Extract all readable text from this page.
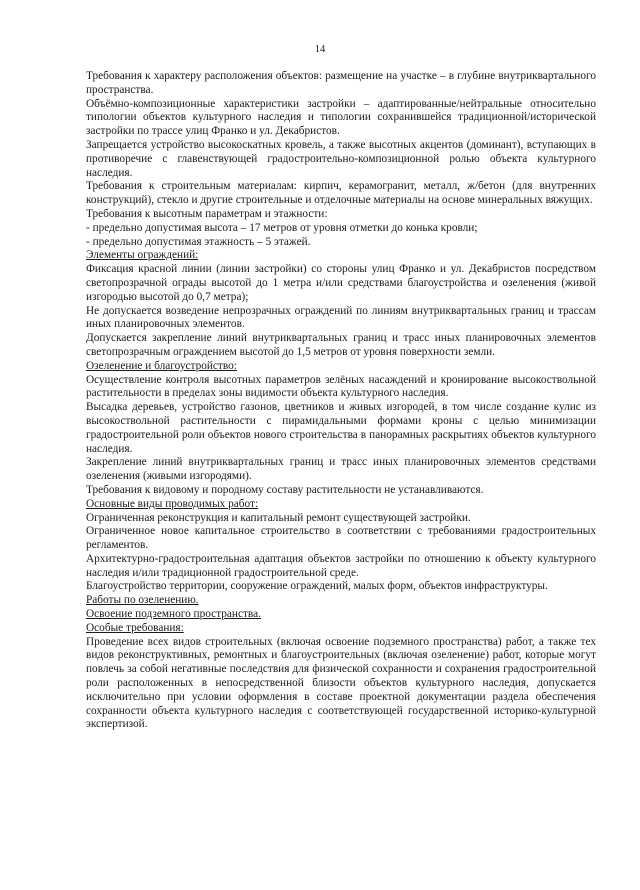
14

Требования к характеру расположения объектов: размещение на участке – в глубине внутриквартального пространства.

Объёмно-композиционные характеристики застройки – адаптированные/нейтральные относительно типологии объектов культурного наследия и типологии сохранившейся традиционной/исторической застройки по трассе улиц Франко и ул. Декабристов.

Запрещается устройство высокоскатных кровель, а также высотных акцентов (доминант), вступающих в противоречие с главенствующей градостроительно-композиционной ролью объекта культурного наследия.

Требования к строительным материалам: кирпич, керамогранит, металл, ж/бетон (для внутренних конструкций), стекло и другие строительные и отделочные материалы на основе минеральных вяжущих.

Требования к высотным параметрам и этажности:

- предельно допустимая высота – 17 метров от уровня отметки до конька кровли;

- предельно допустимая этажность – 5 этажей.

Элементы ограждений:

Фиксация красной линии (линии застройки) со стороны улиц Франко и ул. Декабристов посредством светопрозрачной ограды высотой до 1 метра и/или средствами благоустройства и озеленения (живой изгородью высотой до 0,7 метра);

Не допускается возведение непрозрачных ограждений по линиям внутриквартальных границ и трассам иных планировочных элементов.

Допускается закрепление линий внутриквартальных границ и трасс иных планировочных элементов светопрозрачным ограждением высотой до 1,5 метров от уровня поверхности земли.

Озеленение и благоустройство:

Осуществление контроля высотных параметров зелёных насаждений и кронирование высокоствольной растительности в пределах зоны видимости объекта культурного наследия.

Высадка деревьев, устройство газонов, цветников и живых изгородей, в том числе создание кулис из высокоствольной растительности с пирамидальными формами кроны с целью минимизации градостроительной роли объектов нового строительства в панорамных раскрытиях объектов культурного наследия.

Закрепление линий внутриквартальных границ и трасс иных планировочных элементов средствами озеленения (живыми изгородями).

Требования к видовому и породному составу растительности не устанавливаются.

Основные виды проводимых работ:

Ограниченная реконструкция и капитальный ремонт существующей застройки.

Ограниченное новое капитальное строительство в соответствии с требованиями градостроительных регламентов.

Архитектурно-градостроительная адаптация объектов застройки по отношению к объекту культурного наследия и/или традиционной градостроительной среде.

Благоустройство территории, сооружение ограждений, малых форм, объектов инфраструктуры.

Работы по озеленению.

Освоение подземного пространства.

Особые требования:

Проведение всех видов строительных (включая освоение подземного пространства) работ, а также тех видов реконструктивных, ремонтных и благоустроительных (включая озеленение) работ, которые могут повлечь за собой негативные последствия для физической сохранности и сохранения градостроительной роли расположенных в непосредственной близости объектов культурного наследия, допускается исключительно при условии оформления в составе проектной документации раздела обеспечения сохранности объекта культурного наследия с соответствующей государственной историко-культурной экспертизой.
